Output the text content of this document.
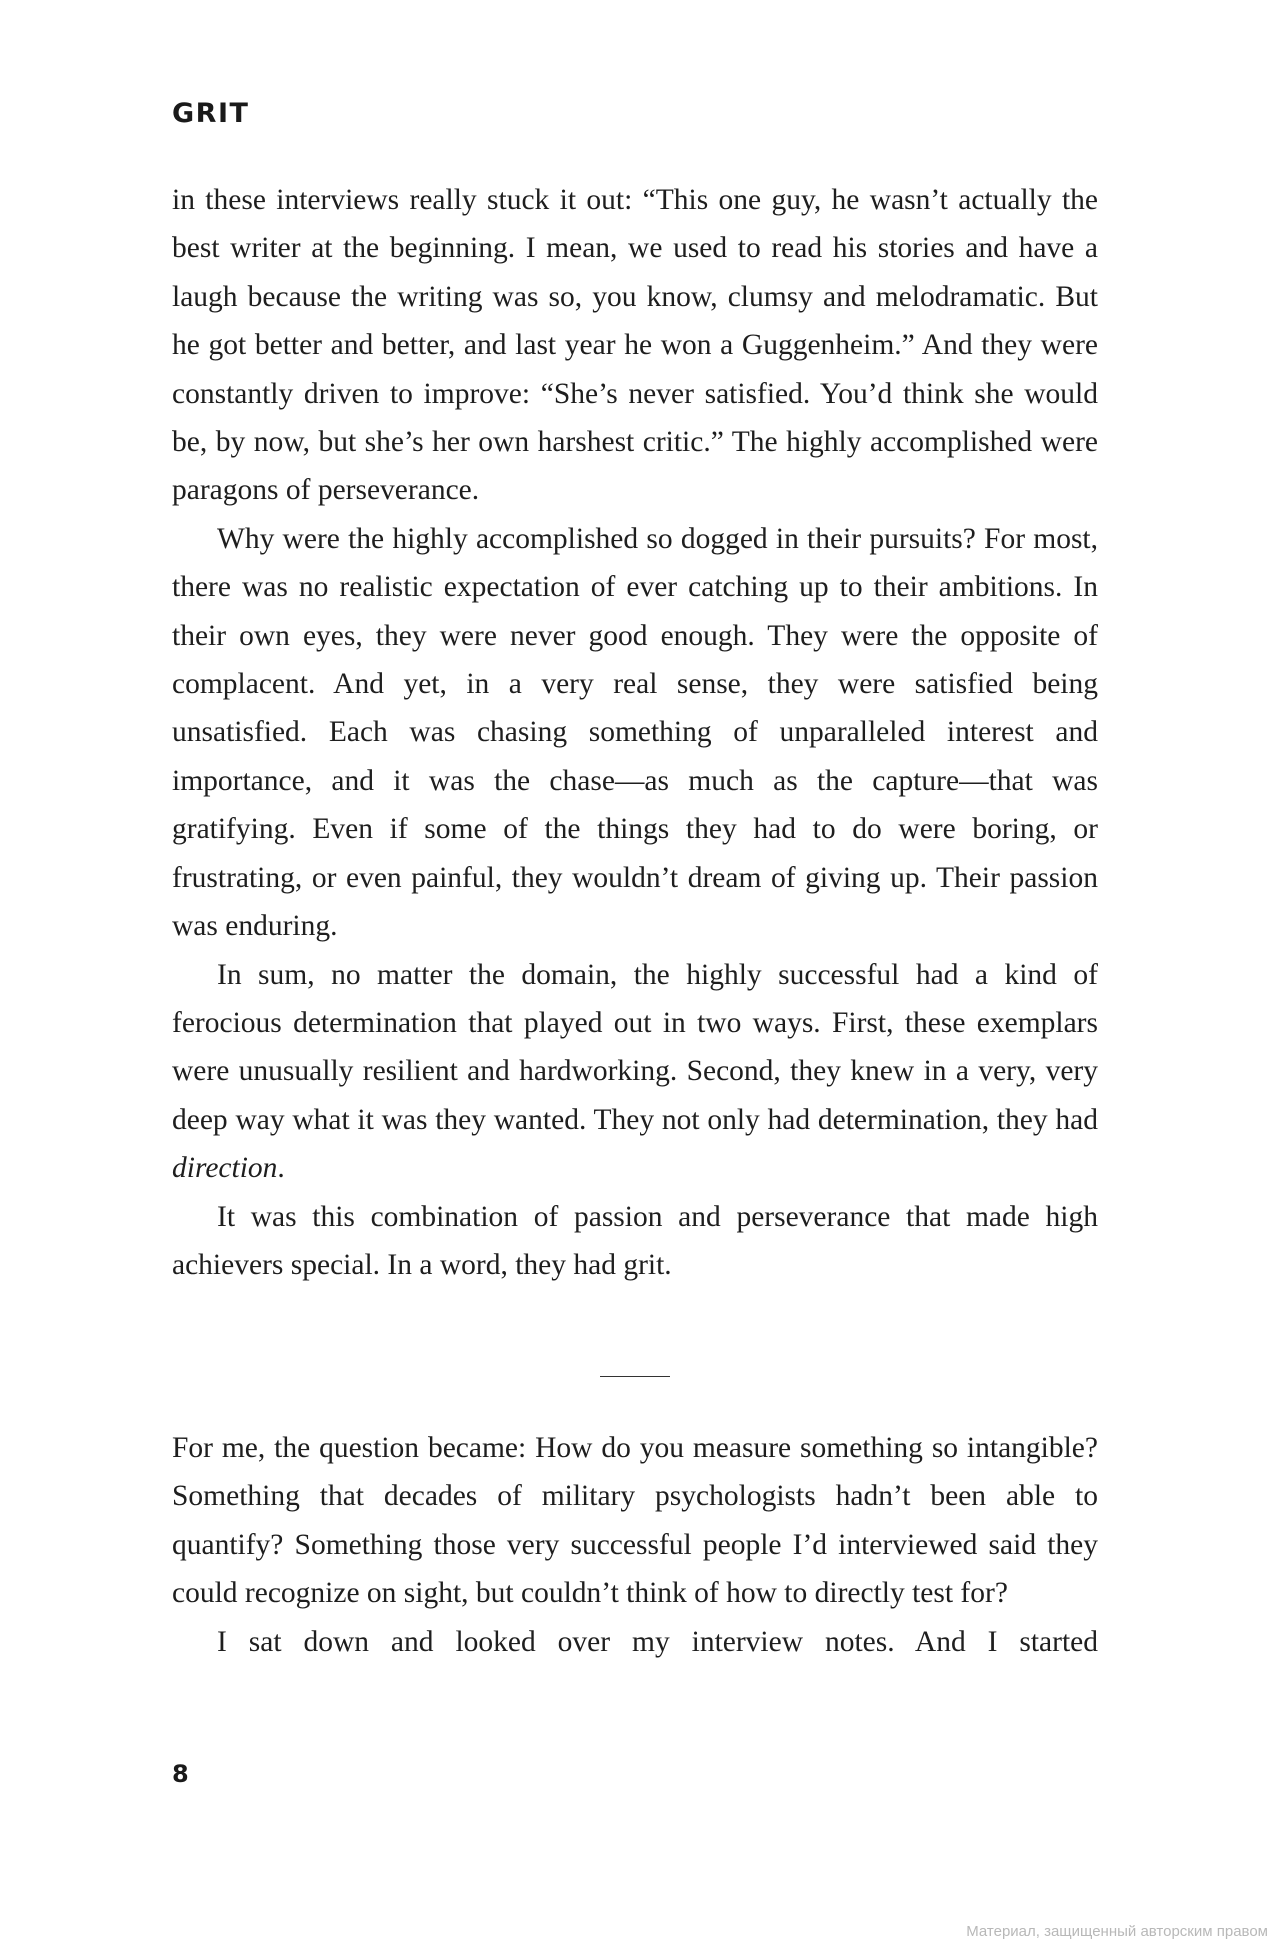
GRIT

in these interviews really stuck it out: “This one guy, he wasn’t actually the best writer at the beginning. I mean, we used to read his stories and have a laugh because the writing was so, you know, clumsy and melodramatic. But he got better and better, and last year he won a Guggenheim.” And they were constantly driven to improve: “She’s never satisfied. You’d think she would be, by now, but she’s her own harshest critic.” The highly accomplished were paragons of perseverance.

Why were the highly accomplished so dogged in their pursuits? For most, there was no realistic expectation of ever catching up to their ambitions. In their own eyes, they were never good enough. They were the opposite of complacent. And yet, in a very real sense, they were satisfied being unsatisfied. Each was chasing something of unparalleled interest and importance, and it was the chase—as much as the capture—that was gratifying. Even if some of the things they had to do were boring, or frustrating, or even painful, they wouldn’t dream of giving up. Their passion was enduring.

In sum, no matter the domain, the highly successful had a kind of ferocious determination that played out in two ways. First, these exemplars were unusually resilient and hardworking. Second, they knew in a very, very deep way what it was they wanted. They not only had determination, they had direction.

It was this combination of passion and perseverance that made high achievers special. In a word, they had grit.

For me, the question became: How do you measure something so intangible? Something that decades of military psychologists hadn’t been able to quantify? Something those very successful people I’d interviewed said they could recognize on sight, but couldn’t think of how to directly test for?

I sat down and looked over my interview notes. And I started

8
Материал, защищенный авторским правом
